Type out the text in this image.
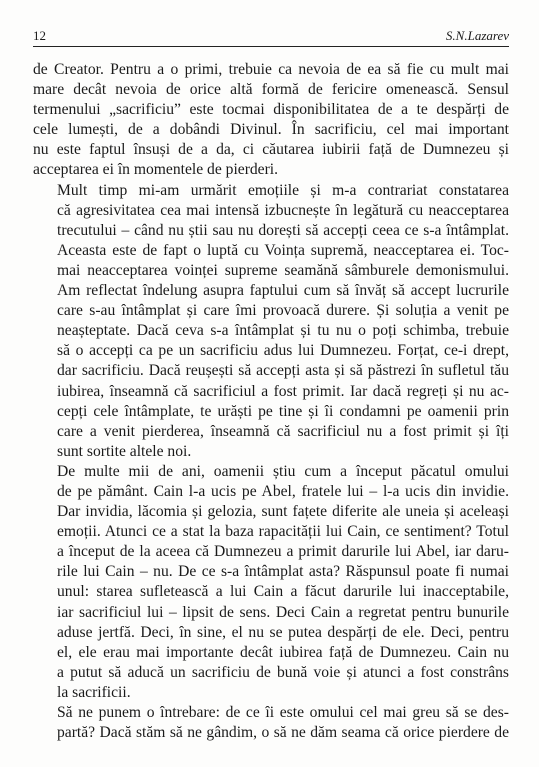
12	S.N.Lazarev

de Creator. Pentru a o primi, trebuie ca nevoia de ea să fie cu mult mai
mare decât nevoia de orice altă formă de fericire omenească. Sensul
termenului „sacrificiu” este tocmai disponibilitatea de a te despărți de
cele lumești, de a dobândi Divinul. În sacrificiu, cel mai important
nu este faptul însuși de a da, ci căutarea iubirii față de Dumnezeu și
acceptarea ei în momentele de pierderi.

Mult timp mi-am urmărit emoțiile și m-a contrariat constatarea
că agresivitatea cea mai intensă izbucnește în legătură cu neacceptarea
trecutului – când nu știi sau nu dorești să accepți ceea ce s-a întâmplat.
Aceasta este de fapt o luptă cu Voința supremă, neacceptarea ei. Toc-
mai neacceptarea voinței supreme seamănă sâmburele demonismului.
Am reflectat îndelung asupra faptului cum să învăț să accept lucrurile
care s-au întâmplat și care îmi provoacă durere. Și soluția a venit pe
neașteptate. Dacă ceva s-a întâmplat și tu nu o poți schimba, trebuie
să o accepți ca pe un sacrificiu adus lui Dumnezeu. Forțat, ce-i drept,
dar sacrificiu. Dacă reușești să accepți asta și să păstrezi în sufletul tău
iubirea, înseamnă că sacrificiul a fost primit. Iar dacă regreți și nu ac-
cepți cele întâmplate, te urăști pe tine și îi condamni pe oamenii prin
care a venit pierderea, înseamnă că sacrificiul nu a fost primit și îți
sunt sortite altele noi.

De multe mii de ani, oamenii știu cum a început păcatul omului
de pe pământ. Cain l-a ucis pe Abel, fratele lui – l-a ucis din invidie.
Dar invidia, lăcomia și gelozia, sunt fațete diferite ale uneia și aceleași
emoții. Atunci ce a stat la baza rapacității lui Cain, ce sentiment? Totul
a început de la aceea că Dumnezeu a primit darurile lui Abel, iar daru-
rile lui Cain – nu. De ce s-a întâmplat asta? Răspunsul poate fi numai
unul: starea sufletească a lui Cain a făcut darurile lui inacceptabile,
iar sacrificiul lui – lipsit de sens. Deci Cain a regretat pentru bunurile
aduse jertfă. Deci, în sine, el nu se putea despărți de ele. Deci, pentru
el, ele erau mai importante decât iubirea față de Dumnezeu. Cain nu
a putut să aducă un sacrificiu de bună voie și atunci a fost constrâns
la sacrificii.

Să ne punem o întrebare: de ce îi este omului cel mai greu să se des-
partă? Dacă stăm să ne gândim, o să ne dăm seama că orice pierdere de
